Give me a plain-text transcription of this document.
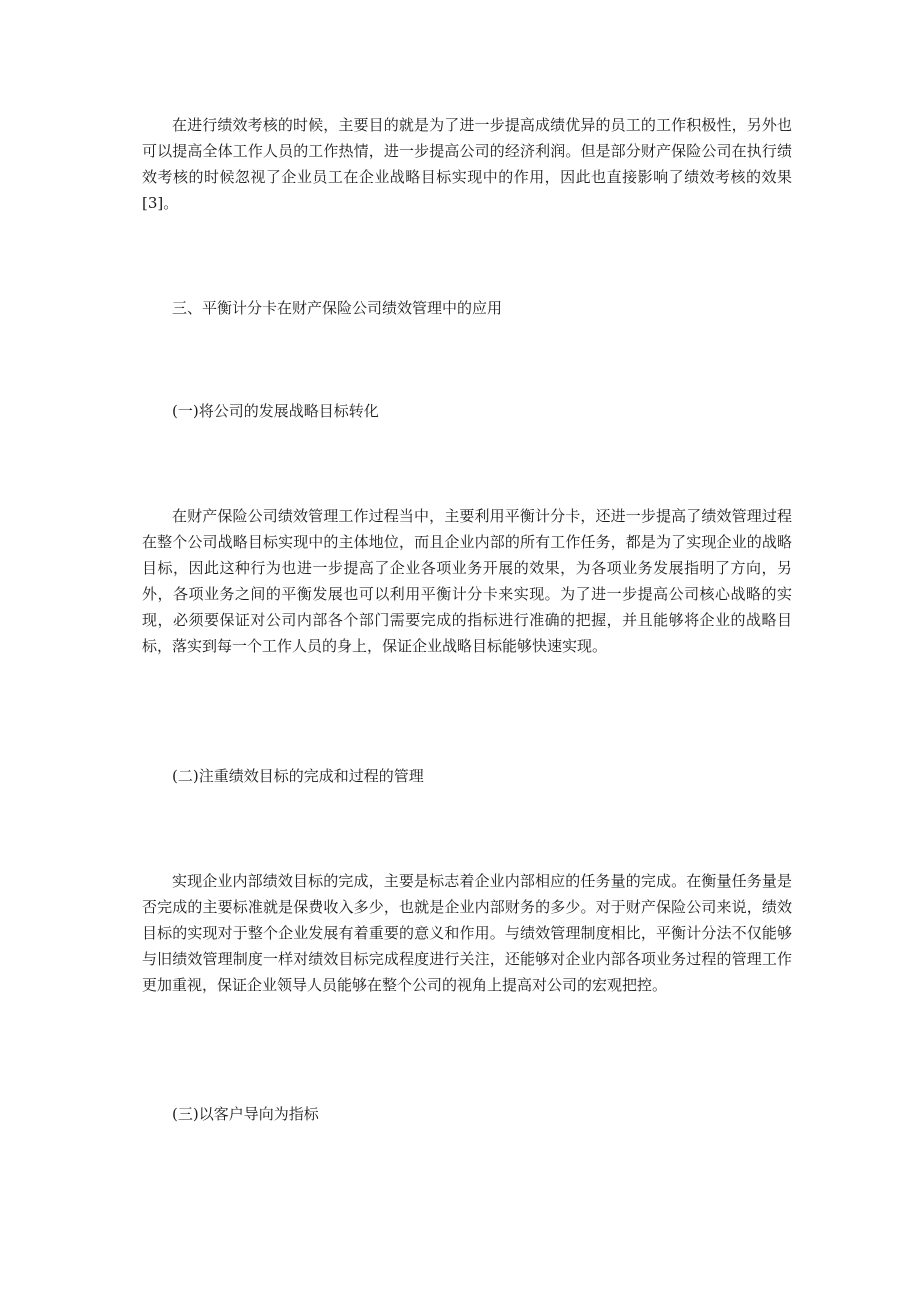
在进行绩效考核的时候，主要目的就是为了进一步提高成绩优异的员工的工作积极性，另外也可以提高全体工作人员的工作热情，进一步提高公司的经济利润。但是部分财产保险公司在执行绩效考核的时候忽视了企业员工在企业战略目标实现中的作用，因此也直接影响了绩效考核的效果[3]。

三、平衡计分卡在财产保险公司绩效管理中的应用
(一)将公司的发展战略目标转化

在财产保险公司绩效管理工作过程当中，主要利用平衡计分卡，还进一步提高了绩效管理过程在整个公司战略目标实现中的主体地位，而且企业内部的所有工作任务，都是为了实现企业的战略目标，因此这种行为也进一步提高了企业各项业务开展的效果，为各项业务发展指明了方向，另外，各项业务之间的平衡发展也可以利用平衡计分卡来实现。为了进一步提高公司核心战略的实现，必须要保证对公司内部各个部门需要完成的指标进行准确的把握，并且能够将企业的战略目标，落实到每一个工作人员的身上，保证企业战略目标能够快速实现。

(二)注重绩效目标的完成和过程的管理

实现企业内部绩效目标的完成，主要是标志着企业内部相应的任务量的完成。在衡量任务量是否完成的主要标准就是保费收入多少，也就是企业内部财务的多少。对于财产保险公司来说，绩效目标的实现对于整个企业发展有着重要的意义和作用。与绩效管理制度相比，平衡计分法不仅能够与旧绩效管理制度一样对绩效目标完成程度进行关注，还能够对企业内部各项业务过程的管理工作更加重视，保证企业领导人员能够在整个公司的视角上提高对公司的宏观把控。

(三)以客户导向为指标
